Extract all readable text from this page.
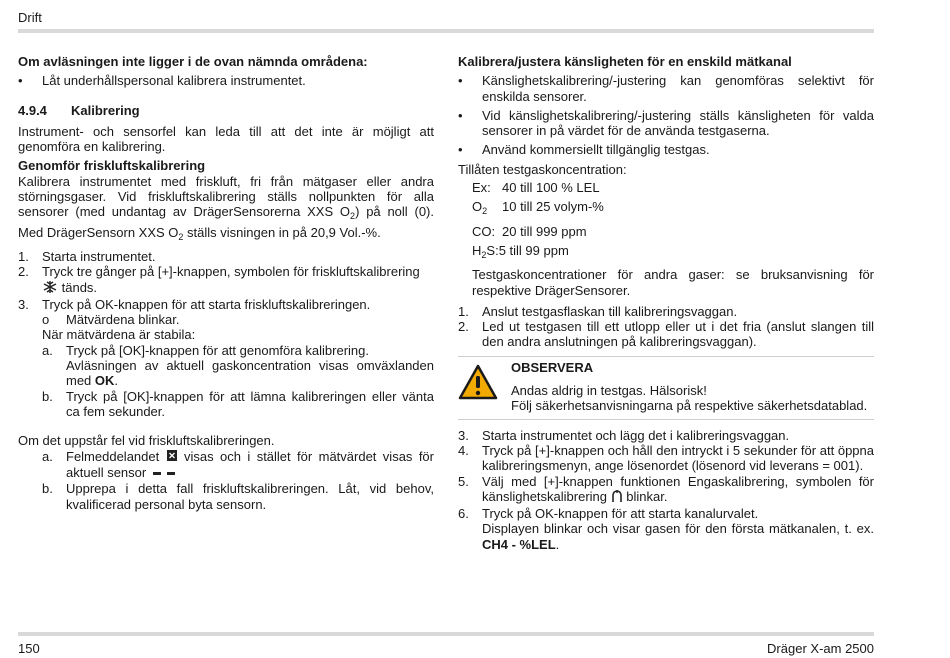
Drift
Om avläsningen inte ligger i de ovan nämnda områdena:
•	Låt underhållspersonal kalibrera instrumentet.
4.9.4	Kalibrering

Instrument- och sensorfel kan leda till att det inte är möjligt att genomföra en kalibrering.

Genomför friskluftskalibrering

Kalibrera instrumentet med friskluft, fri från mätgaser eller andra störningsgaser. Vid friskluftskalibrering ställs nollpunkten för alla sensorer (med undantag av DrägerSensorerna XXS $O_2$) på noll (0). Med DrägerSensorn XXS $O_2$ ställs visningen in på 20,9 Vol.-%.

1.	Starta instrumentet.
2.	Tryck tre gånger på [+]-knappen, symbolen för friskluftskalibrering
tänds.
3.	Tryck på OK-knappen för att starta friskluftskalibreringen.
o	Mätvärdena blinkar.
När mätvärdena är stabila:
a.	Tryck på [OK]-knappen för att genomföra kalibrering.
Avläsningen av aktuell gaskoncentration visas omväxlanden med OK.
b.	Tryck på [OK]-knappen för att lämna kalibreringen eller vänta ca fem sekunder.
Om det uppstår fel vid friskluftskalibreringen.
a.	Felmeddelandet visas och i stället för mätvärdet visas för aktuell sensor
b.	Upprepa i detta fall friskluftskalibreringen. Låt, vid behov, kvalificerad personal byta sensorn.
Kalibrera/justera känsligheten för en enskild mätkanal
•	Känslighetskalibrering/-justering kan genomföras selektivt för enskilda sensorer.
•	Vid känslighetskalibrering/-justering ställs känsligheten för valda sensorer in på värdet för de använda testgaserna.
•	Använd kommersiellt tillgänglig testgas.
Tillåten testgaskoncentration:
Ex: 40 till 100 % LEL
$O_2$	10 till 25 volym-%
CO: 20 till 999 ppm
$H_2S$: 5 till 99 ppm

Testgaskoncentrationer för andra gaser: se bruksanvisning för respektive DrägerSensorer.

1.	Anslut testgasflaskan till kalibreringsvaggan.
2.	Led ut testgasen till ett utlopp eller ut i det fria (anslut slangen till den andra anslutningen på kalibreringsvaggan).
OBSERVERA
Andas aldrig in testgas. Hälsorisk!
Följ säkerhetsanvisningarna på respektive säkerhetsdatablad.
3.	Starta instrumentet och lägg det i kalibreringsvaggan.
4.	Tryck på [+]-knappen och håll den intryckt i 5 sekunder för att öppna kalibreringsmenyn, ange lösenordet (lösenord vid leverans = 001).
5.	Välj med [+]-knappen funktionen Engaskalibrering, symbolen för känslighetskalibrering blinkar.
6.	Tryck på OK-knappen för att starta kanalurvalet.
Displayen blinkar och visar gasen för den första mätkanalen, t. ex. CH4 - %LEL.
150	Dräger X-am 2500
